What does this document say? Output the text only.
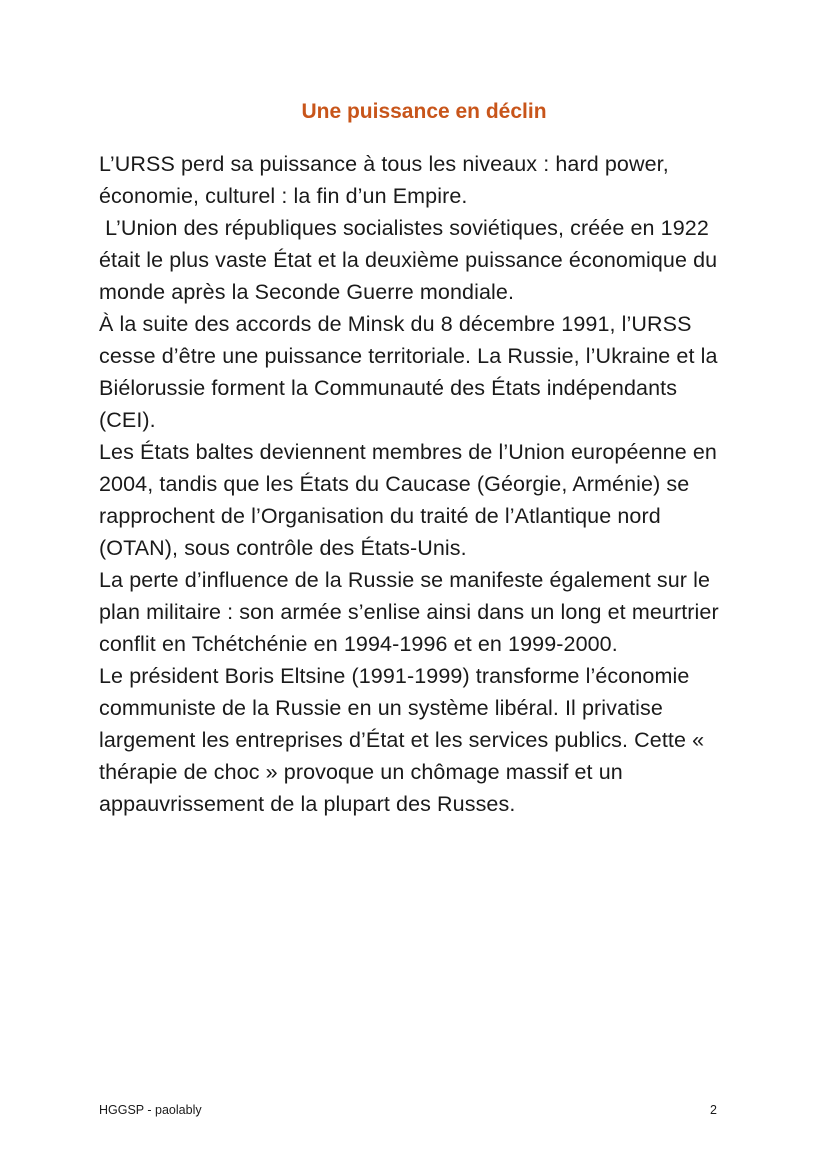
Une puissance en déclin

L’URSS perd sa puissance à tous les niveaux : hard power, économie, culturel : la fin d’un Empire.

L’Union des républiques socialistes soviétiques, créée en 1922 était le plus vaste État et la deuxième puissance économique du monde après la Seconde Guerre mondiale.

À la suite des accords de Minsk du 8 décembre 1991, l’URSS cesse d’être une puissance territoriale. La Russie, l’Ukraine et la Biélorussie forment la Communauté des États indépendants (CEI).

Les États baltes deviennent membres de l’Union européenne en 2004, tandis que les États du Caucase (Géorgie, Arménie) se rapprochent de l’Organisation du traité de l’Atlantique nord (OTAN), sous contrôle des États-Unis.

La perte d’influence de la Russie se manifeste également sur le plan militaire : son armée s’enlise ainsi dans un long et meurtrier conflit en Tchétchénie en 1994-1996 et en 1999-2000.

Le président Boris Eltsine (1991-1999) transforme l’économie communiste de la Russie en un système libéral. Il privatise largement les entreprises d’État et les services publics. Cette « thérapie de choc » provoque un chômage massif et un appauvrissement de la plupart des Russes.

HGGSP - paolably	2
